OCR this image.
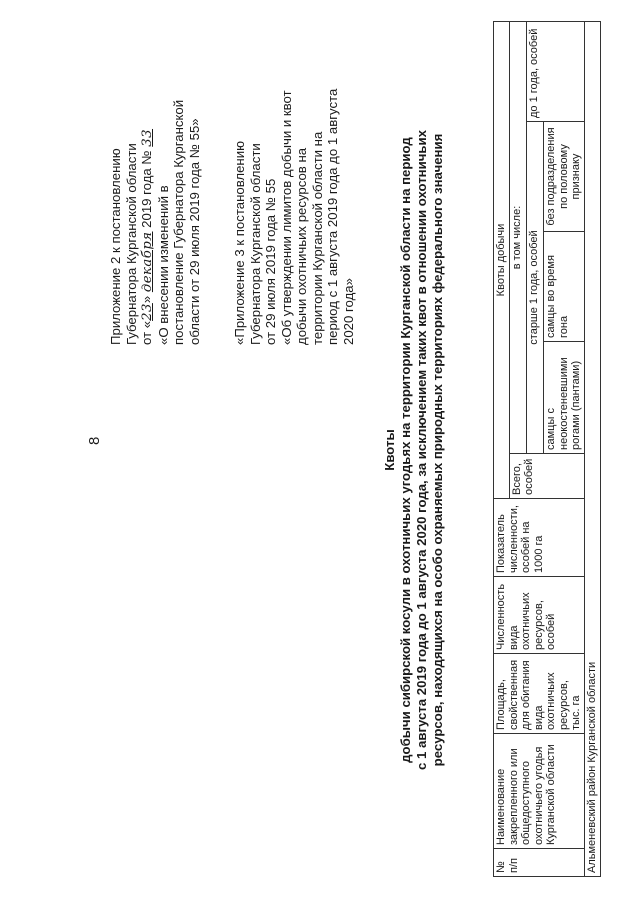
8
Приложение 2 к постановлению Губернатора Курганской области от «23» декабря 2019 года № 33
«О внесении изменений в постановление Губернатора Курганской области от 29 июля 2019 года № 55» «Приложение 3 к постановлению Губернатора Курганской области от 29 июля 2019 года № 55 «Об утверждении лимитов добычи и квот добычи охотничьих ресурсов на территории Курганской области на период с 1 августа 2019 года до 1 августа 2020 года»
Квоты добычи сибирской косули в охотничьих угодьях на территории Курганской области на период с 1 августа 2019 года до 1 августа 2020 года, за исключением таких квот в отношении охотничьих ресурсов, находящихся на особо охраняемых природных территориях федерального значения
№ п/п	Наименование закрепленного или общедоступного охотничьего угодья Курганской области	Площадь, свойственная для обитания вида охотничьих ресурсов, тыс. га	Численность вида охотничьих ресурсов, особей	Показатель численности, особей на 1000 га	Квоты добычи				
					Всего, особей	в том числе:			
						старше 1 года, особей			до 1 года, особей
						самцы с неокостеневшими рогами (пантами)	самцы во время гона	без подразделения по половому признаку	
Альменевский район Курганской области									
